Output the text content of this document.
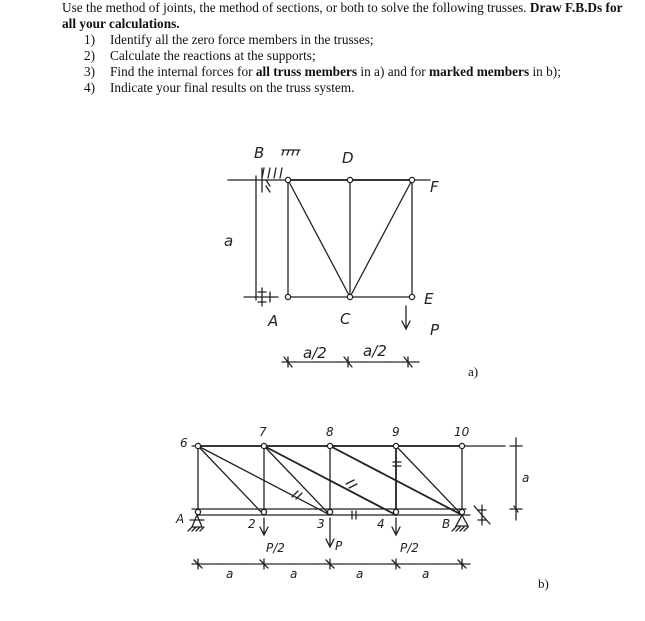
Use the method of joints, the method of sections, or both to solve the following trusses. Draw F.B.Ds for all your calculations.

1) Identify all the zero force members in the trusses;
2) Calculate the reactions at the supports;
3) Find the internal forces for all truss members in a) and for marked members in b);
4) Indicate your final results on the truss system.
B	D
F
a
A	C
E
P
a/2 a/2
a)
6
7	8	9	10
A	2	3	4	B
P/2	P	P/2
a	a	a	a
a
b)
